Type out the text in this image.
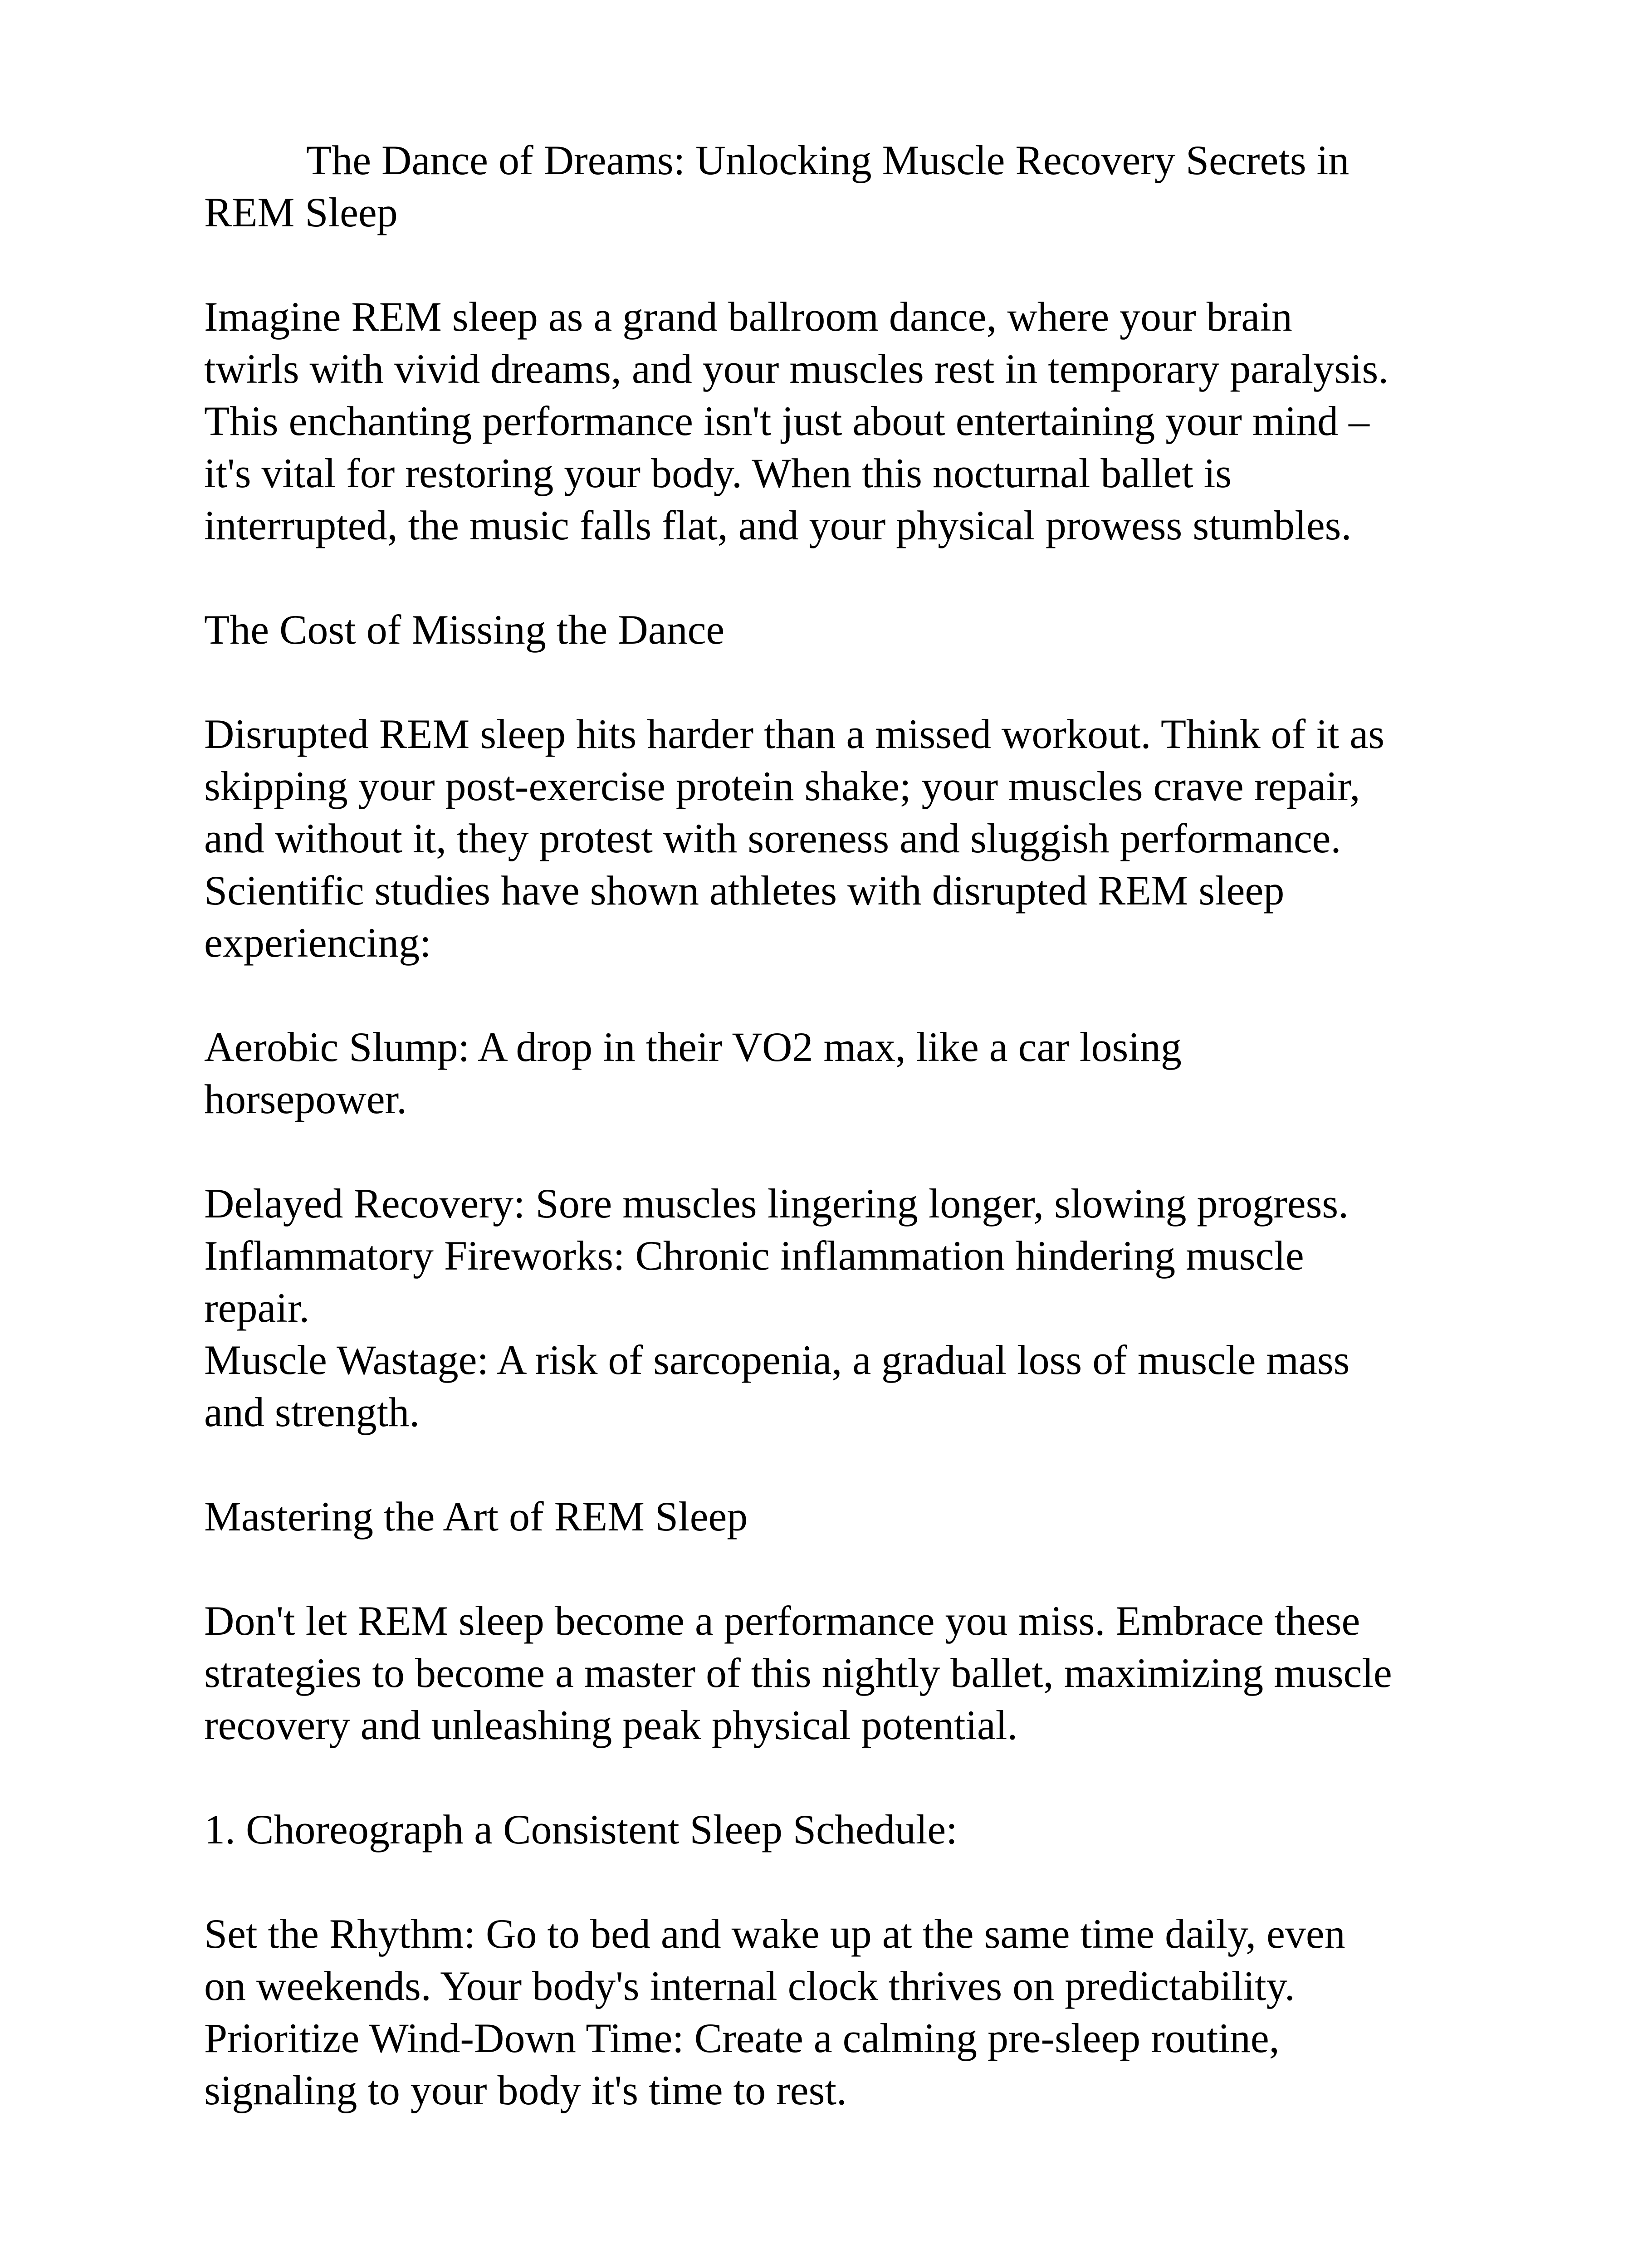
The Dance of Dreams: Unlocking Muscle Recovery Secrets in
REM Sleep
Imagine REM sleep as a grand ballroom dance, where your brain
twirls with vivid dreams, and your muscles rest in temporary paralysis.
This enchanting performance isn't just about entertaining your mind –
it's vital for restoring your body. When this nocturnal ballet is
interrupted, the music falls flat, and your physical prowess stumbles.
The Cost of Missing the Dance
Disrupted REM sleep hits harder than a missed workout. Think of it as
skipping your post-exercise protein shake; your muscles crave repair,
and without it, they protest with soreness and sluggish performance.
Scientific studies have shown athletes with disrupted REM sleep
experiencing:
Aerobic Slump: A drop in their VO2 max, like a car losing
horsepower.
Delayed Recovery: Sore muscles lingering longer, slowing progress.
Inflammatory Fireworks: Chronic inflammation hindering muscle
repair.
Muscle Wastage: A risk of sarcopenia, a gradual loss of muscle mass
and strength.
Mastering the Art of REM Sleep
Don't let REM sleep become a performance you miss. Embrace these
strategies to become a master of this nightly ballet, maximizing muscle
recovery and unleashing peak physical potential.
1. Choreograph a Consistent Sleep Schedule:
Set the Rhythm: Go to bed and wake up at the same time daily, even
on weekends. Your body's internal clock thrives on predictability.
Prioritize Wind-Down Time: Create a calming pre-sleep routine,
signaling to your body it's time to rest.
